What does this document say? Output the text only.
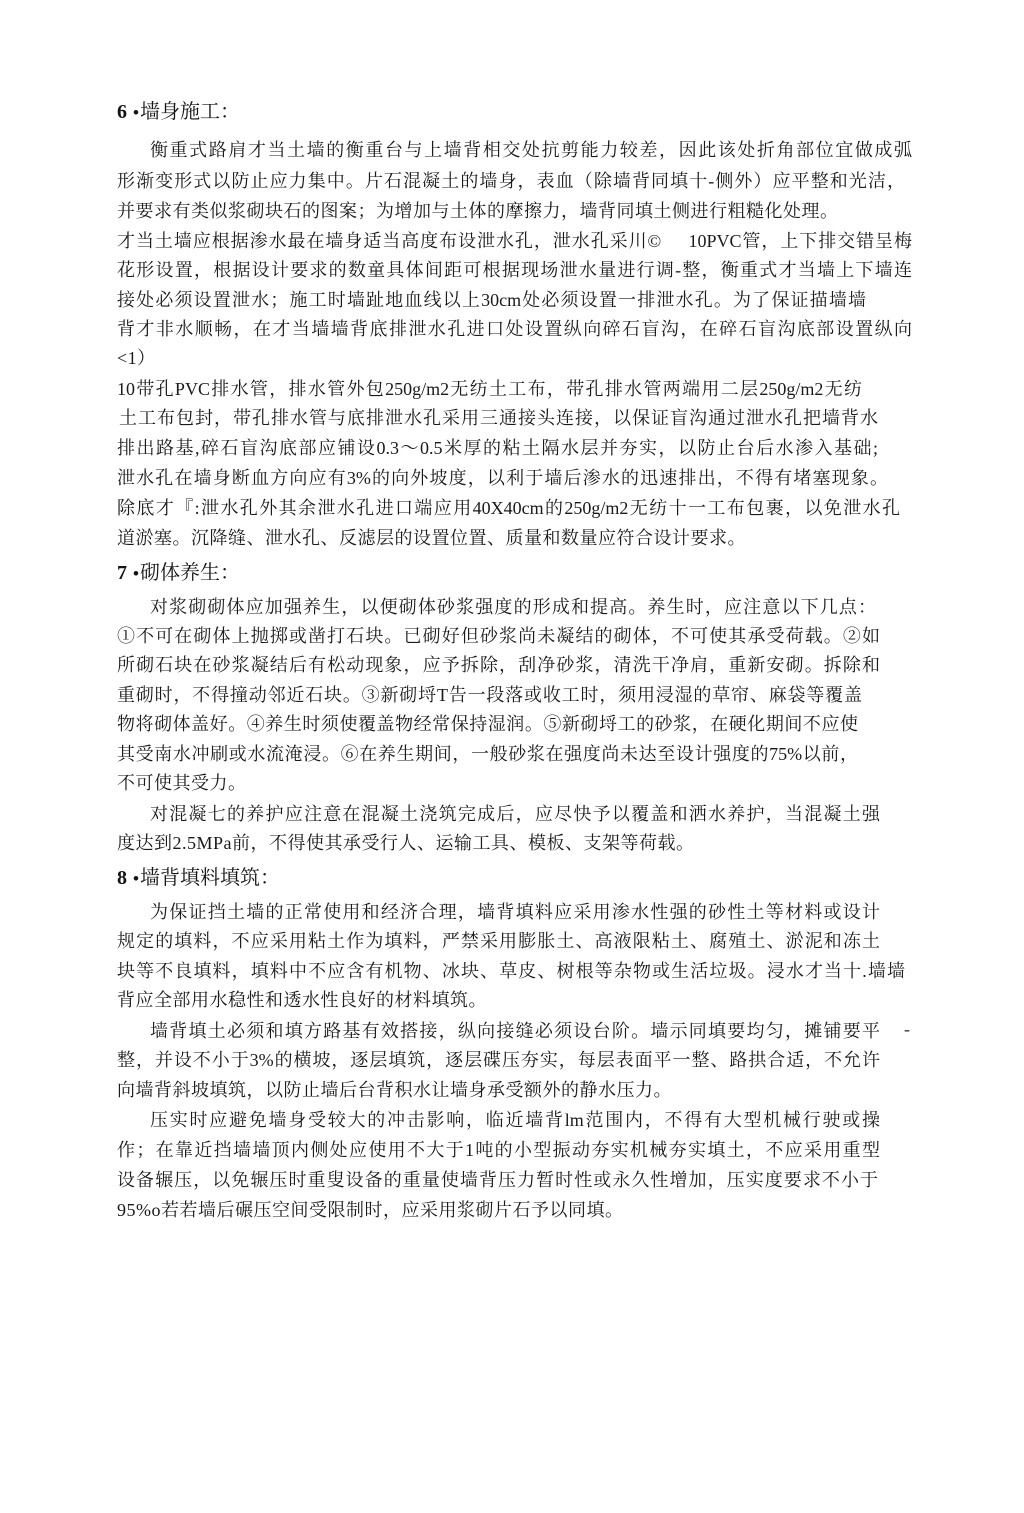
6 •墙身施工：
衡重式路肩才当土墙的衡重台与上墙背相交处抗剪能力较差，因此该处折角部位宜做成弧
形渐变形式以防止应力集中。片石混凝土的墙身，表血（除墙背同填十-侧外）应平整和光洁，
并要求有类似浆砌块石的图案；为增加与土体的摩擦力，墙背同填土侧进行粗糙化处理。
才当土墙应根据渗水最在墙身适当高度布设泄水孔，泄水孔采川©     10PVC管，上下排交错呈梅
花形设置，根据设计要求的数童具体间距可根据现场泄水量进行调-整，衡重式才当墙上下墙连
接处必须设置泄水；施工时墙趾地血线以上30cm处必须设置一排泄水孔。为了保证描墙墙
背才非水顺畅，在才当墙墙背底排泄水孔进口处设置纵向碎石盲沟，在碎石盲沟底部设置纵向
<1）
10带孔PVC排水管，排水管外包250g/m2无纺土工布，带孔排水管两端用二层250g/m2无纺
土工布包封，带孔排水管与底排泄水孔采用三通接头连接，以保证盲沟通过泄水孔把墙背水
排出路基,碎石盲沟底部应铺设0.3～0.5米厚的粘土隔水层并夯实，以防止台后水渗入基础;
泄水孔在墙身断血方向应有3%的向外坡度，以利于墙后渗水的迅速排出，不得有堵塞现象。
除底才『:泄水孔外其余泄水孔进口端应用40X40cm的250g/m2无纺十一工布包裹，以免泄水孔
道淤塞。沉降缝、泄水孔、反滤层的设置位置、质量和数量应符合设计要求。
7 •砌体养生：
对浆砌砌体应加强养生，以便砌体砂浆强度的形成和提高。养生时，应注意以下几点：
①不可在砌体上抛掷或凿打石块。已砌好但砂浆尚未凝结的砌体，不可使其承受荷载。②如
所砌石块在砂浆凝结后有松动现象，应予拆除，刮净砂浆，清洗干净肩，重新安砌。拆除和
重砌时，不得撞动邻近石块。③新砌埒T告一段落或收工时，须用浸湿的草帘、麻袋等覆盖
物将砌体盖好。④养生时须使覆盖物经常保持湿润。⑤新砌埒工的砂浆，在硬化期间不应使
其受南水冲刷或水流淹浸。⑥在养生期间，一般砂浆在强度尚未达至设计强度的75%以前，
不可使其受力。
对混凝七的养护应注意在混凝土浇筑完成后，应尽快予以覆盖和洒水养护，当混凝土强
度达到2.5MPa前，不得使其承受行人、运输工具、模板、支架等荷载。
8 •墙背填料填筑：
为保证挡土墙的正常使用和经济合理，墙背填料应采用渗水性强的砂性土等材料或设计
规定的填料，不应采用粘土作为填料，严禁采用膨胀土、高液限粘土、腐殖土、淤泥和冻土
块等不良填料，填料中不应含有机物、冰块、草皮、树根等杂物或生活垃圾。浸水才当十.墙墙
背应全部用水稳性和透水性良好的材料填筑。
墙背填土必须和填方路基有效搭接，纵向接缝必须设台阶。墙示同填要均匀，摊铺要平 -
整，并设不小于3%的横坡，逐层填筑，逐层碟压夯实，每层表面平一整、路拱合适，不允许
向墙背斜坡填筑，以防止墙后台背积水让墙身承受额外的静水压力。
压实时应避免墙身受较大的冲击影响，临近墙背lm范围内，不得有大型机械行驶或操
作；在靠近挡墙墙顶内侧处应使用不大于1吨的小型振动夯实机械夯实填土，不应采用重型
设备辗压，以免辗压时重叟设备的重量使墙背压力暂时性或永久性增加，压实度要求不小于
95%o若若墙后碾压空间受限制时，应采用浆砌片石予以同填。
